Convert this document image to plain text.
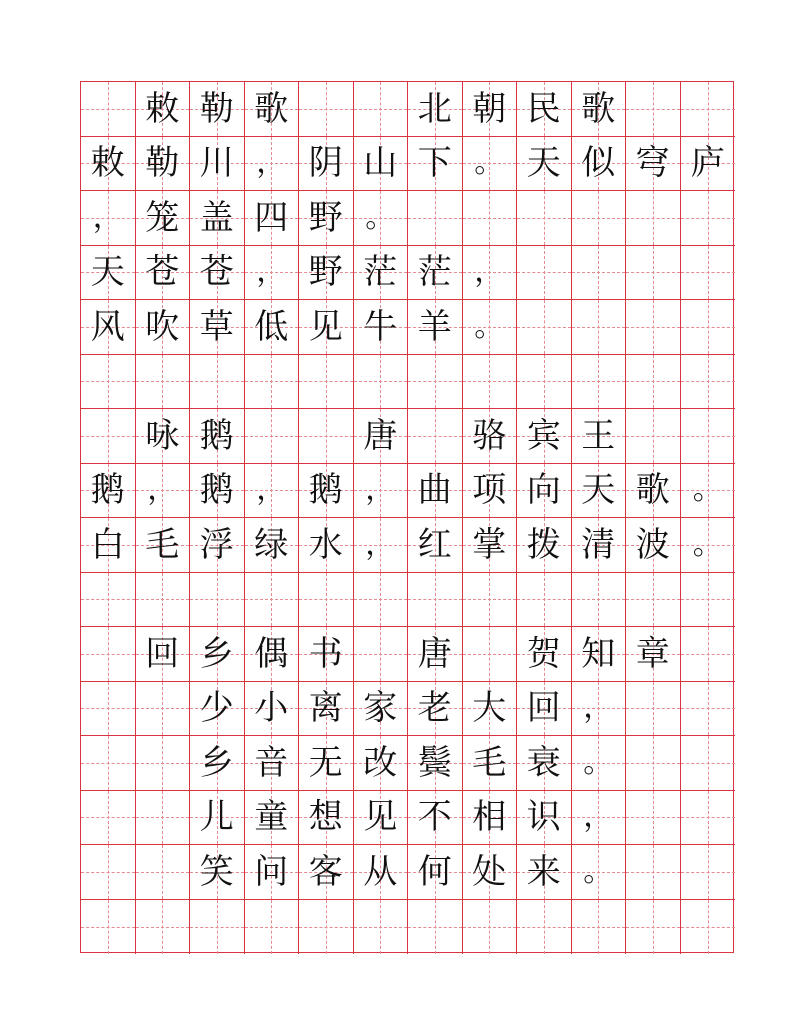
敕 勒 歌	北 朝 民 歌
敕 勒 川 ， 阴 山 下 。 天 似 穹 庐
， 笼 盖 四 野 。
天 苍 苍 ， 野 茫 茫 ，
风 吹 草 低 见 牛 羊 。
咏 鹅	唐 骆 宾 王
鹅 ， 鹅 ， 鹅 ， 曲 项 向 天 歌 。
白 毛 浮 绿 水 ， 红 掌 拨 清 波 。
回 乡 偶 书 唐 贺 知 章
少 小 离 家 老 大 回 ，
乡 音 无 改 鬓 毛 衰 。
儿 童 想 见 不 相 识 ，
笑 问 客 从 何 处 来 。
